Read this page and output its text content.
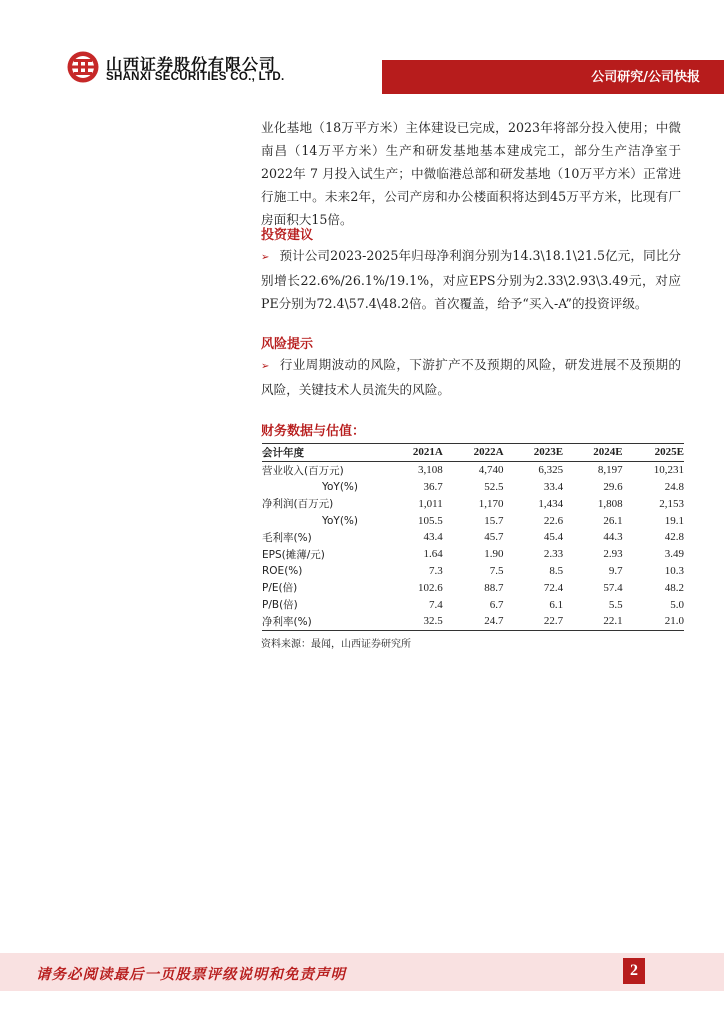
山西证券股份有限公司
SHANXI SECURITIES CO., LTD.	公司研究/公司快报
业化基地（18万平方米）主体建设已完成，2023年将部分投入使用；中微南昌（14万平方米）生产和研发基地基本建成完工，部分生产洁净室于 2022年 7 月投入试生产；中微临港总部和研发基地（10万平方米）正常进行施工中。未来2年，公司产房和办公楼面积将达到45万平方米，比现有厂房面积大15倍。
投资建议
➢ 预计公司2023-2025年归母净利润分别为14.3\18.1\21.5亿元，同比分别增长22.6%/26.1%/19.1%，对应EPS分别为2.33\2.93\3.49元，对应PE分别为72.4\57.4\48.2倍。首次覆盖，给予“买入-A”的投资评级。
风险提示
➢ 行业周期波动的风险，下游扩产不及预期的风险，研发进展不及预期的风险，关键技术人员流失的风险。
财务数据与估值：
会计年度	2021A	2022A	2023E	2024E	2025E
营业收入(百万元)	3,108	4,740	6,325	8,197	10,231
YoY(%)	36.7	52.5	33.4	29.6	24.8
净利润(百万元)	1,011	1,170	1,434	1,808	2,153
YoY(%)	105.5	15.7	22.6	26.1	19.1
毛利率(%)	43.4	45.7	45.4	44.3	42.8
EPS(摊薄/元)	1.64	1.90	2.33	2.93	3.49
ROE(%)	7.3	7.5	8.5	9.7	10.3
P/E(倍)	102.6	88.7	72.4	57.4	48.2
P/B(倍)	7.4	6.7	6.1	5.5	5.0
净利率(%)	32.5	24.7	22.7	22.1	21.0
资料来源：最闻，山西证券研究所
请务必阅读最后一页股票评级说明和免责声明	2
